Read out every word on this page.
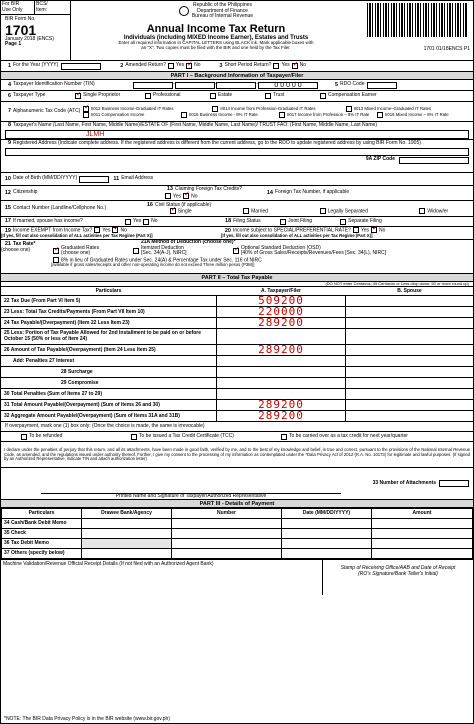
For BIR
Use Only
BCS/
Item:
BIR Form No.
1701
January 2018 (ENCS)
Page 1
Republic of the Philippines
Department of Finance
Bureau of Internal Revenue
Annual Income Tax Return
Individuals (including MIXED Income Earner), Estates and Trusts
Enter all required information in CAPITAL LETTERS using BLACK ink. Mark applicable boxes with
an "X". Two copies must be filed with the BIR and one held by the Tax Filer.	1701 01/18ENCS P1
1 For the Year (YYYY)	2 Amended Return? Yes ✓ No	3 Short Period Return? Yes ✓ No
PART I – Background Information of Taxpayer/Filer
4 Taxpayer Identification Number (TIN)	0 0 0 0 0	5 RDO Code
6 Taxpayer Type ✓	Single Proprietor	Professional	Estate	Trust	Compensation Earner
7 Alphanumeric Tax Code (ATC) ✓	II012 Business Income-Graduated IT Rates	II014 Income from Profession-Graduated IT Rates	II013 Mixed Income–Graduated IT Rates
II011 Compensation Income	II015 Business Income - 8% IT Rate	II017 Income from Profession – 8% IT Rate	II016 Mixed Income – 8% IT Rate
8 Taxpayer's Name (Last Name, First Name, Middle Name)/ESTATE OF (First Name, Middle Name, Last Name)/ TRUST FAO: (First Name, Middle Name, Last Name)
JLMH
9 Registered Address (Indicate complete address. If the registered address is different from the current address, go to the RDO to update registered address by using BIR Form No. 1905)
9A ZIP Code
10 Date of Birth (MM/DD/YYYY)	11 Email Address
12 Citizenship	13 Claiming Foreign Tax Credits?
Yes ✓ No
14 Foreign Tax Number, if applicable
15 Contact Number (Landline/Cellphone No.)	16 Civil Status (if applicable)
✓Single	Married	Legally Separated	Widow/er
17 If married, spouse has income?	Yes No	18 Filing Status	Joint Filing	Separate Filing
19 Income EXEMPT from Income Tax? Yes ✓ No
[If yes, fill out also consolidation of ALL activities per Tax Regime (Part X)]
20 Income subject to SPECIAL/PREFERENTIAL RATE? Yes ✓ No
[If yes, fill out also consolidation of ALL activities per Tax Regime (Part X)]
21 Tax Rate*
(choose one)
21A Method of Deduction (choose one)*
✓
Graduated Rates
(choose one)
Itemized Deduction
[Sec. 34(A-J), NIRC]
✓
Optional Standard Deduction (OSD)
[40% of Gross Sales/Receipts/Revenues/Fees [Sec. 34(L), NIRC]
8% in lieu of Graduated Rates under Sec. 24(A) & Percentage Tax under Sec. 116 of NIRC
[available if gross sales/receipts and other non-operating income do not exceed Three million pesos (P3M)]
PART II – Total Tax Payable
(DO NOT enter Centavos; 49 Centavos or Less drop down; 50 or more round up)
Particulars	A. Taxpayer/Filer	B. Spouse
22 Tax Due (From Part VI Item 5)	509200
23 Less: Total Tax Credits/Payments (From Part VII Item 10)	220000
24 Tax Payable/(Overpayment) (Item 22 Less Item 23)	289200
25 Less: Portion of Tax Payable Allowed for 2nd Installment to be paid on or before October 15 (50% or less of Item 24)
26 Amount of Tax Payable/(Overpayment) (Item 24 Less Item 25)	289200
Add: Penalties 27 Interest
28 Surcharge
29 Compromise
30 Total Penalties (Sum of Items 27 to 29)
31 Total Amount Payable/(Overpayment) (Sum of Items 26 and 30)	289200
32 Aggregate Amount Payable/(Overpayment) (Sum of Items 31A and 31B)	289200
If overpayment, mark one (1) box only: (Once the choice is made, the same is irrevocable)
To be refunded	To be issued a Tax Credit Certificate (TCC)	To be carried over as a tax credit for next year/quarter
I declare under the penalties of perjury that this return, and all its attachments, have been made in good faith, verified by me, and to the best of my knowledge and belief, is true and correct, pursuant to the provisions of the National Internal Revenue Code, as amended, and the regulations issued under authority thereof. Further, I give my consent to the processing of my information as contemplated under the *Data Privacy Act of 2012 (R.A. No. 10173) for legitimate and lawful purposes. (If signed by an Authorized Representative, indicate TIN and attach authorization letter)
Printed Name and Signature of Taxpayer/Authorized Representative
33 Number of Attachments
PART III - Details of Payment
Particulars	Drawee Bank/Agency	Number	Date (MM/DD/YYYY)	Amount
34 Cash/Bank Debit Memo				
35 Check				
36 Tax Debit Memo				
37 Others (specify below)				
Machine Validation/Revenue Official Receipt Details (If not filed with an Authorized Agent Bank)
Stamp of Receiving Office/AAB and Date of Receipt
(RO's Signature/Bank Teller's Initial)
*NOTE: The BIR Data Privacy Policy is in the BIR website (www.bir.gov.ph)
